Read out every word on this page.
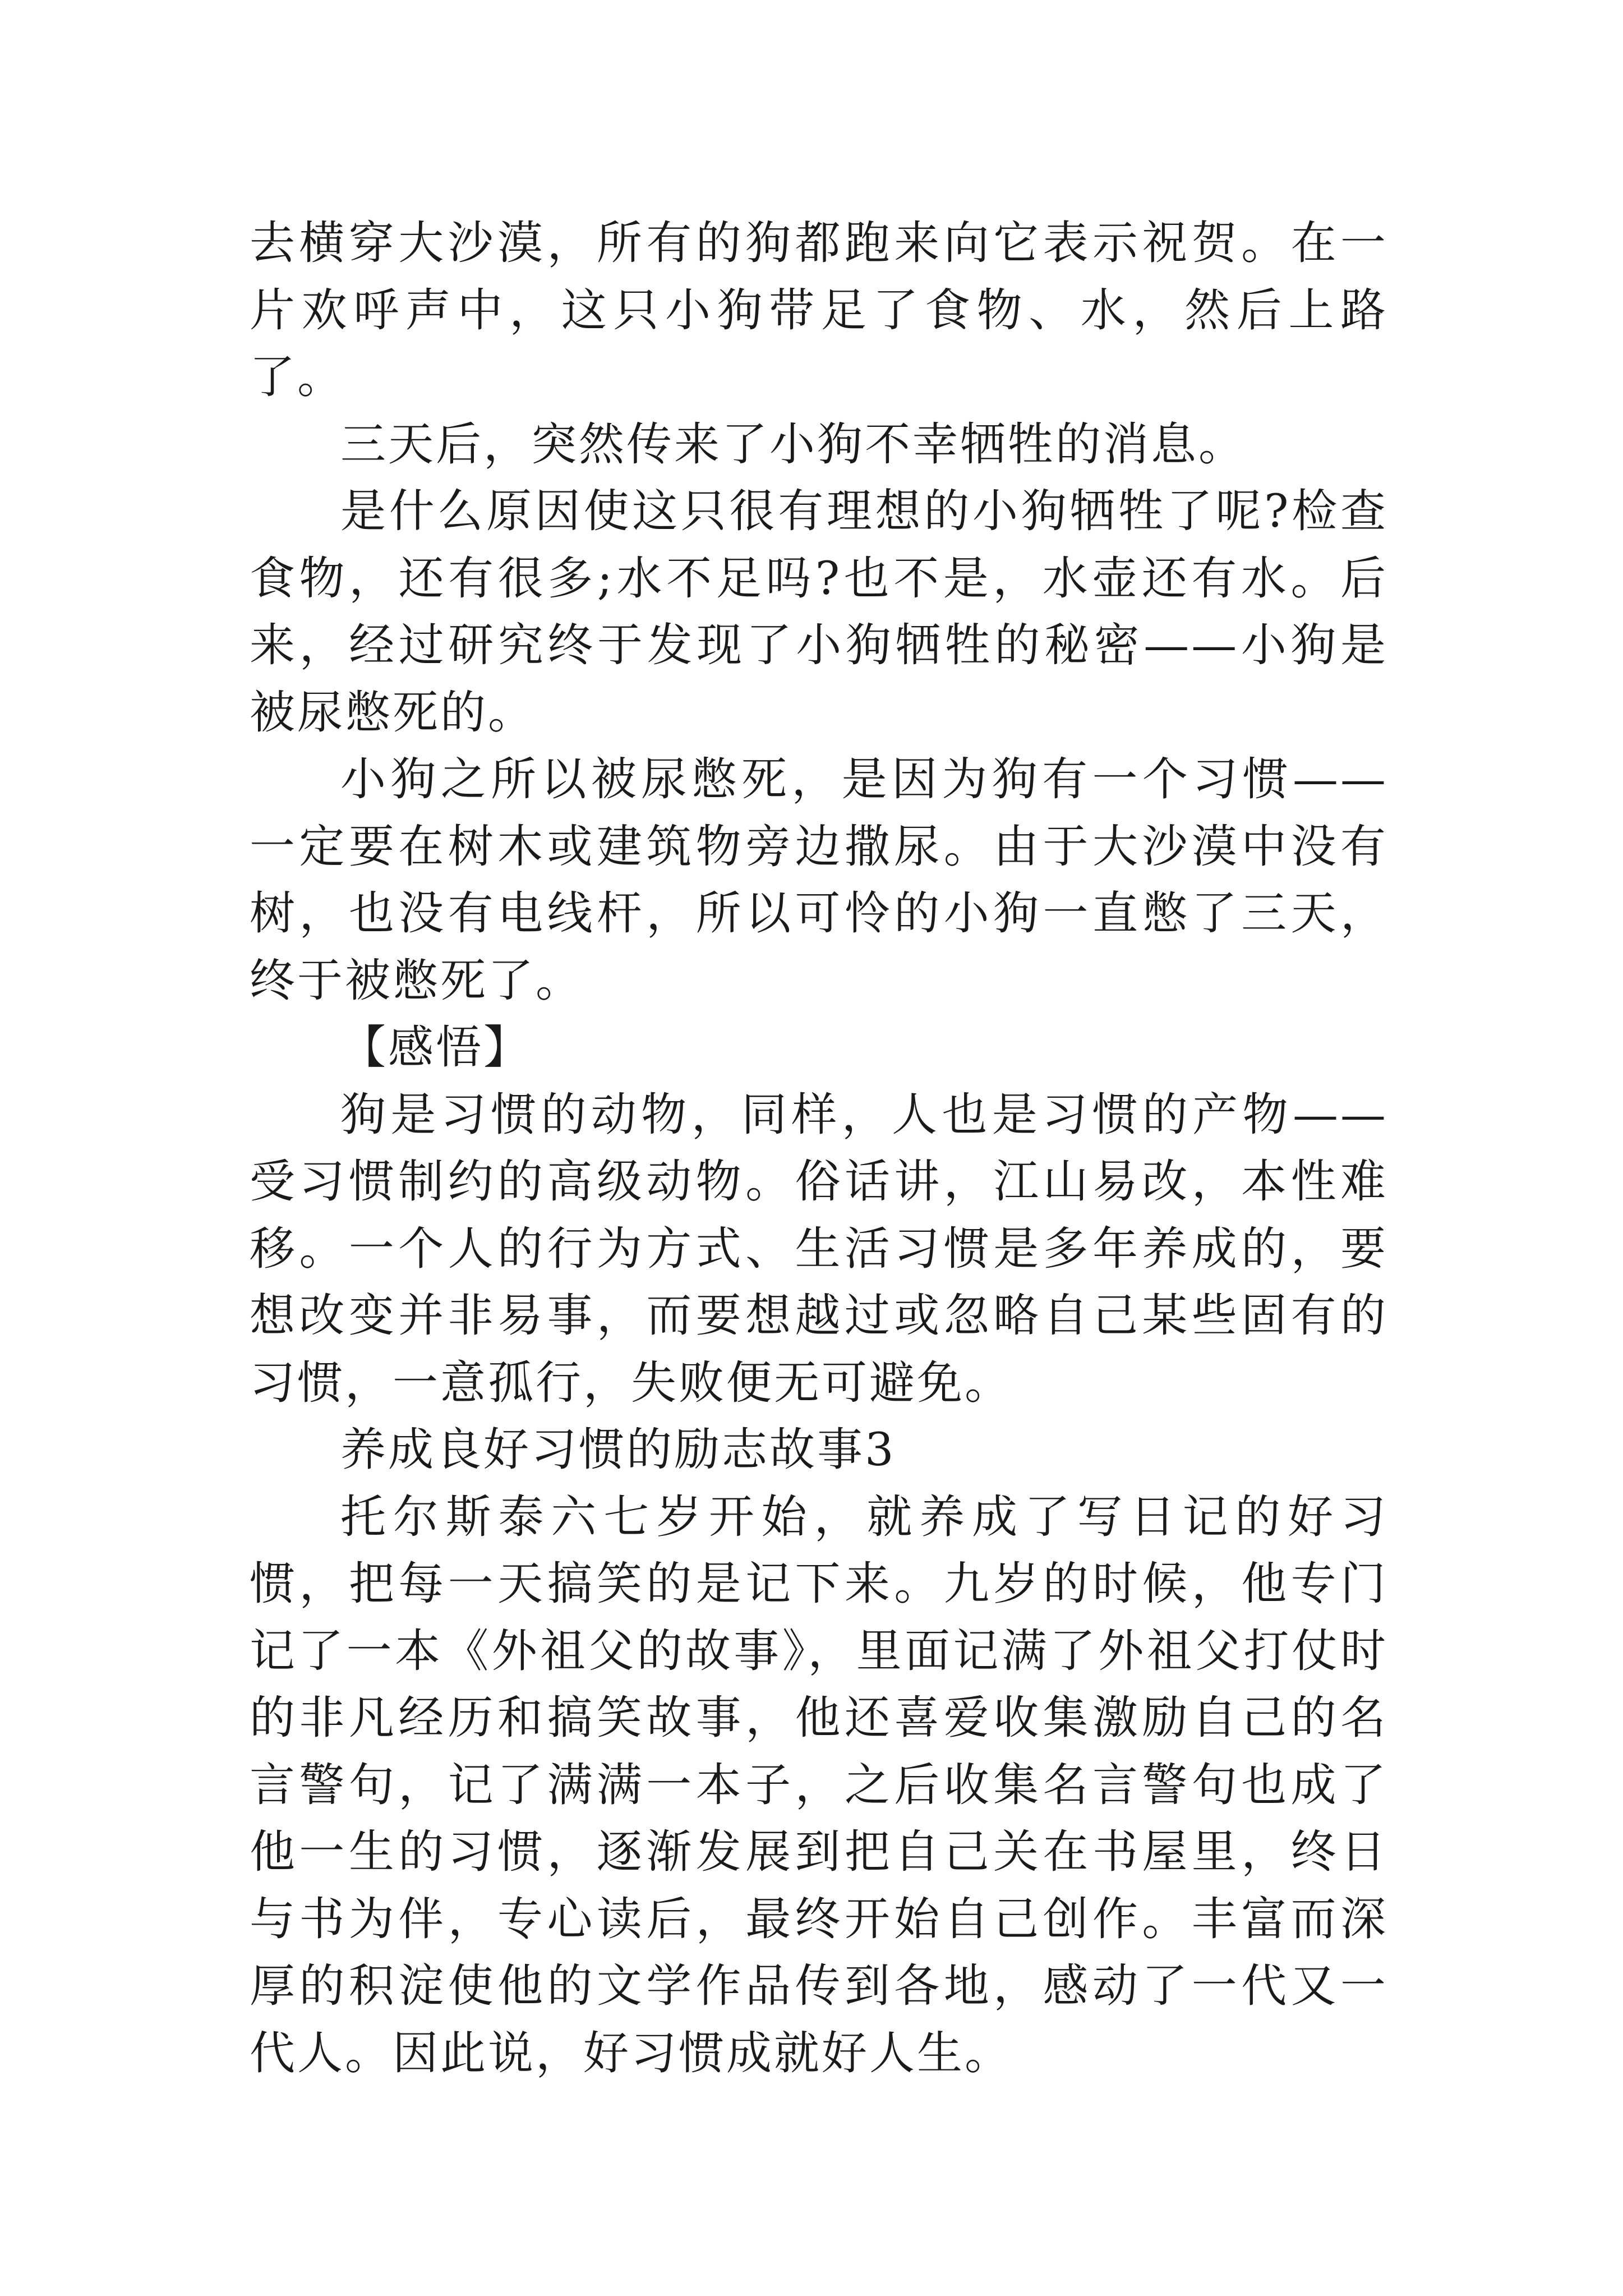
去横穿大沙漠，所有的狗都跑来向它表示祝贺。在一片欢呼声中，这只小狗带足了食物、水，然后上路了。

三天后，突然传来了小狗不幸牺牲的消息。

是什么原因使这只很有理想的小狗牺牲了呢?检查食物，还有很多;水不足吗?也不是，水壶还有水。后来，经过研究终于发现了小狗牺牲的秘密——小狗是被尿憋死的。

小狗之所以被尿憋死，是因为狗有一个习惯——一定要在树木或建筑物旁边撒尿。由于大沙漠中没有树，也没有电线杆，所以可怜的小狗一直憋了三天，终于被憋死了。

【感悟】

狗是习惯的动物，同样，人也是习惯的产物——受习惯制约的高级动物。俗话讲，江山易改，本性难移。一个人的行为方式、生活习惯是多年养成的，要想改变并非易事，而要想越过或忽略自己某些固有的习惯，一意孤行，失败便无可避免。

养成良好习惯的励志故事3

托尔斯泰六七岁开始，就养成了写日记的好习惯，把每一天搞笑的是记下来。九岁的时候，他专门记了一本《外祖父的故事》，里面记满了外祖父打仗时的非凡经历和搞笑故事，他还喜爱收集激励自己的名言警句，记了满满一本子，之后收集名言警句也成了他一生的习惯，逐渐发展到把自己关在书屋里，终日与书为伴，专心读后，最终开始自己创作。丰富而深厚的积淀使他的文学作品传到各地，感动了一代又一代人。因此说，好习惯成就好人生。
